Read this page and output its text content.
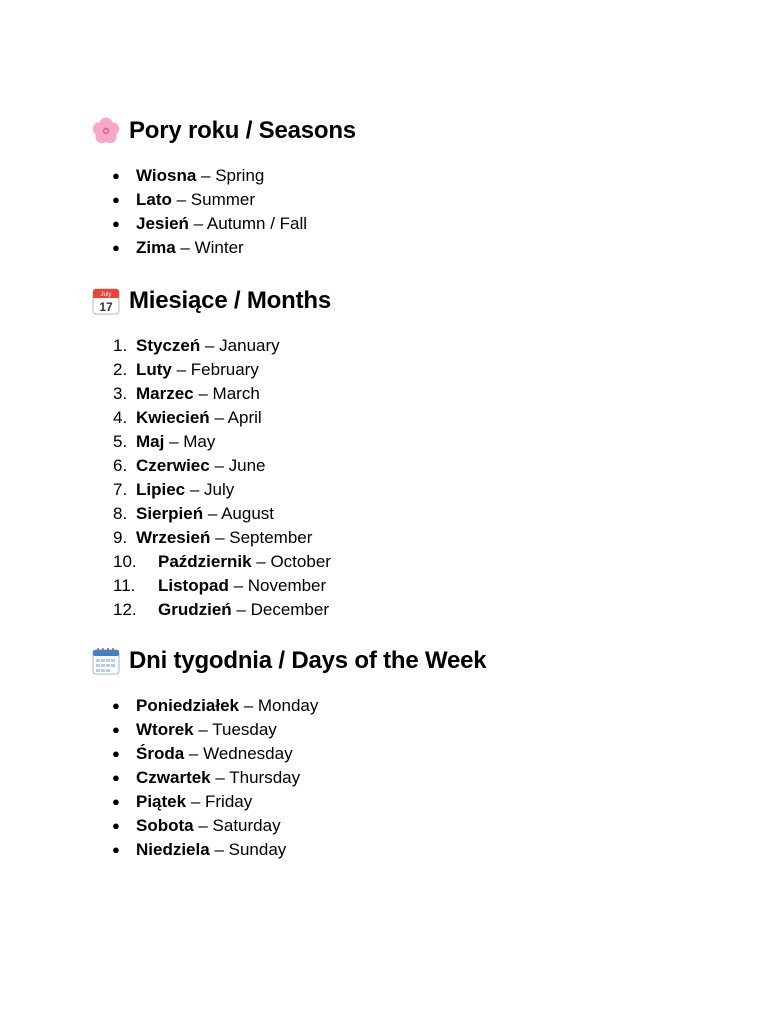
Pory roku / Seasons
● Wiosna – Spring
● Lato – Summer
● Jesień – Autumn / Fall
● Zima – Winter
July
17 Miesiące / Months
1. Styczeń – January
2. Luty – February
3. Marzec – March
4. Kwiecień – April
5. Maj – May
6. Czerwiec – June
7. Lipiec – July
8. Sierpień – August
9. Wrzesień – September
10. Październik – October
11. Listopad – November
12. Grudzień – December
Dni tygodnia / Days of the Week
● Poniedziałek – Monday
● Wtorek – Tuesday
● Środa – Wednesday
● Czwartek – Thursday
● Piątek – Friday
● Sobota – Saturday
● Niedziela – Sunday
